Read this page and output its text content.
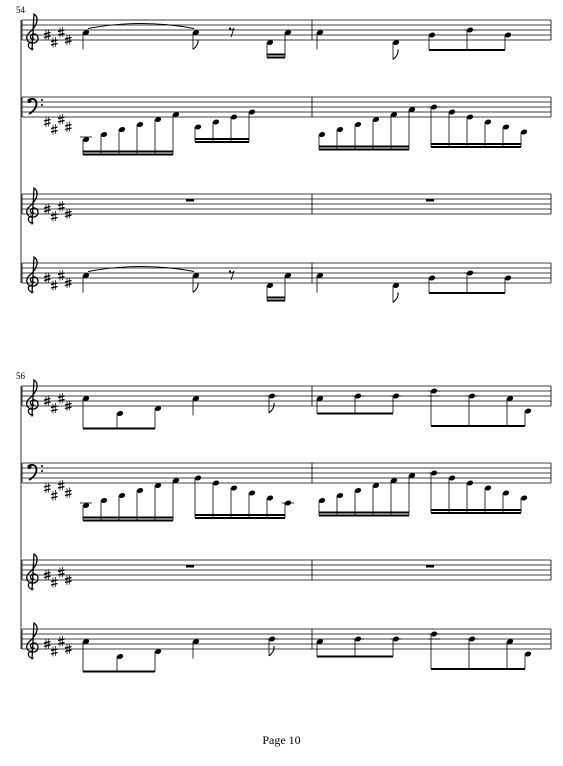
54
56
Page 10
